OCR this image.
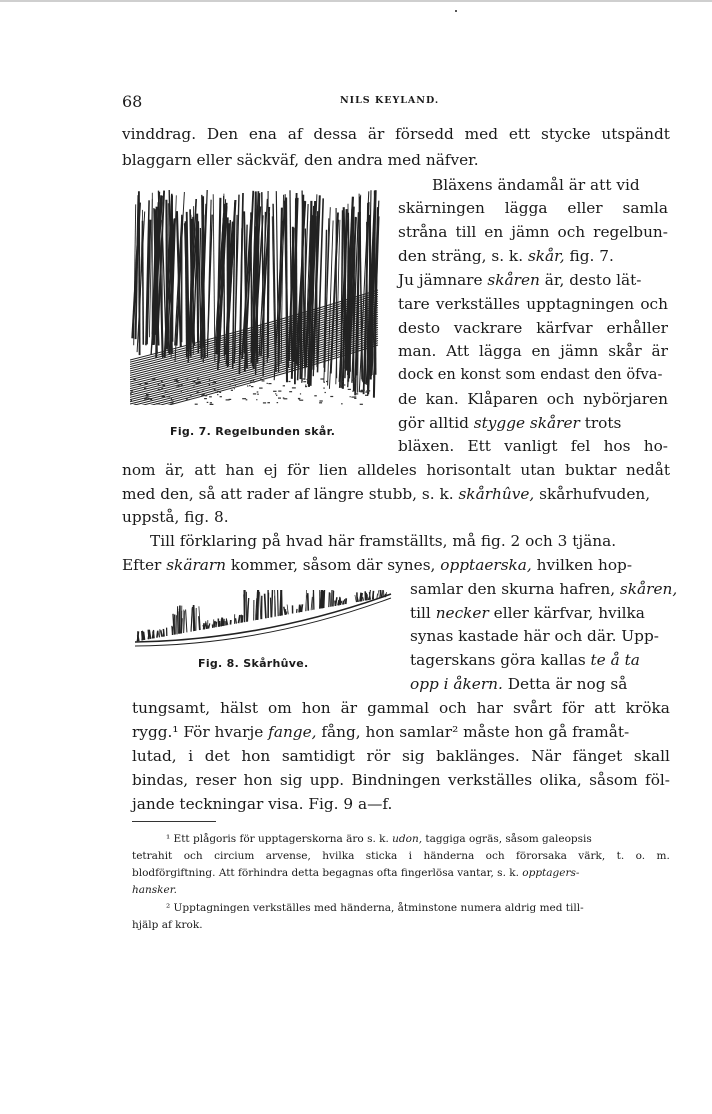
68	NILS KEYLAND.
vinddrag. Den ena af dessa är försedd med ett stycke utspändt
blaggarn eller säckväf, den andra med näfver.
Fig. 7. Regelbunden skår.
Bläxens ändamål är att vid
skärningen lägga eller samla
stråna till en jämn och regelbun-
den sträng, s. k. skår, fig. 7.
Ju jämnare skåren är, desto lät-
tare verkställes upptagningen och
desto vackrare kärfvar erhåller
man. Att lägga en jämn skår är
dock en konst som endast den öfva-
de kan. Klåparen och nybörjaren
gör alltid stygge skårer trots
bläxen. Ett vanligt fel hos ho-
nom är, att han ej för lien alldeles horisontalt utan buktar nedåt
med den, så att rader af längre stubb, s. k. skårhûve, skårhufvuden,
uppstå, fig. 8.
Till förklaring på hvad här framställts, må fig. 2 och 3 tjäna.
Efter skärarn kommer, såsom där synes, opptaerska, hvilken hop-
Fig. 8. Skårhûve.
samlar den skurna hafren, skåren,
till necker eller kärfvar, hvilka
synas kastade här och där. Upp-
tagerskans göra kallas te å ta
opp i åkern. Detta är nog så
tungsamt, hälst om hon är gammal och har svårt för att kröka
rygg.¹ För hvarje fange, fång, hon samlar² måste hon gå framåt-
lutad, i det hon samtidigt rör sig baklänges. När fänget skall
bindas, reser hon sig upp. Bindningen verkställes olika, såsom föl-
jande teckningar visa. Fig. 9 a—f.
¹ Ett plågoris för upptagerskorna äro s. k. udon, taggiga ogräs, såsom galeopsis
tetrahit och circium arvense, hvilka sticka i händerna och förorsaka värk, t. o. m.
blodförgiftning. Att förhindra detta begagnas ofta fingerlösa vantar, s. k. opptagers-
hansker.
² Upptagningen verkställes med händerna, åtminstone numera aldrig med till-
hjälp af krok.
